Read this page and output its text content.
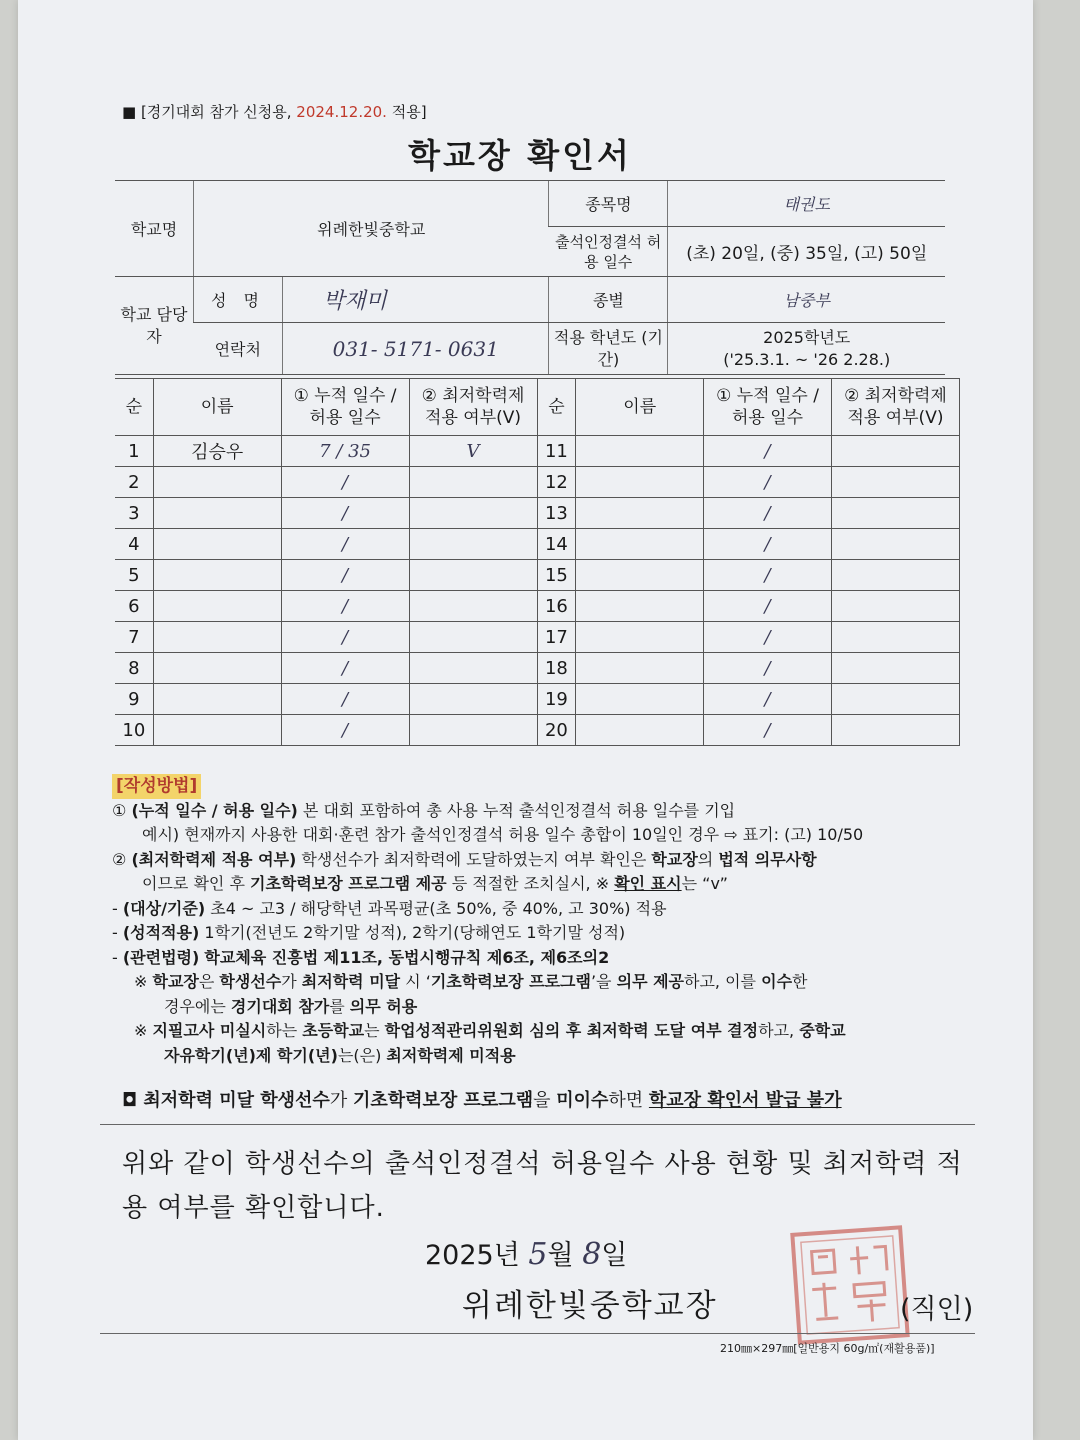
■ [경기대회 참가 신청용, 2024.12.20. 적용]
학교장 확인서
학교명	위례한빛중학교		종목명	태권도
			출석인정결석 허용 일수	(초) 20일, (중) 35일, (고) 50일
학교 담당자	성 명	박재미	종별	남중부
	연락처	031- 5171- 0631	적용 학년도 (기간)	2025학년도
('25.3.1. ~ '26 2.28.)
순	이름	① 누적 일수 / 허용 일수	② 최저학력제 적용 여부(V)	순	이름	① 누적 일수 / 허용 일수	② 최저학력제 적용 여부(V)
1	김승우	7 / 35	V	11		/	
2		/		12		/	
3		/		13		/	
4		/		14		/	
5		/		15		/	
6		/		16		/	
7		/		17		/	
8		/		18		/	
9		/		19		/	
10		/		20		/	
[작성방법]
① (누적 일수 / 허용 일수) 본 대회 포함하여 총 사용 누적 출석인정결석 허용 일수를 기입
예시) 현재까지 사용한 대회·훈련 참가 출석인정결석 허용 일수 총합이 10일인 경우 ⇨ 표기: (고) 10/50
② (최저학력제 적용 여부) 학생선수가 최저학력에 도달하였는지 여부 확인은 학교장의 법적 의무사항
이므로 확인 후 기초학력보장 프로그램 제공 등 적절한 조치실시, ※ 확인 표시는 “v”
- (대상/기준) 초4 ~ 고3 / 해당학년 과목평균(초 50%, 중 40%, 고 30%) 적용
- (성적적용) 1학기(전년도 2학기말 성적), 2학기(당해연도 1학기말 성적)
- (관련법령) 학교체육 진흥법 제11조, 동법시행규칙 제6조, 제6조의2
※ 학교장은 학생선수가 최저학력 미달 시 ‘기초학력보장 프로그램’을 의무 제공하고, 이를 이수한
경우에는 경기대회 참가를 의무 허용
※ 지필고사 미실시하는 초등학교는 학업성적관리위원회 심의 후 최저학력 도달 여부 결정하고, 중학교
자유학기(년)제 학기(년)는(은) 최저학력제 미적용
◘ 최저학력 미달 학생선수가 기초학력보장 프로그램을 미이수하면 학교장 확인서 발급 불가
위와 같이 학생선수의 출석인정결석 허용일수 사용 현황 및 최저학력 적용 여부를 확인합니다.
2025년 5월 8일
위례한빛중학교장	(직인)
210㎜×297㎜[일반용지 60g/㎡(재활용품)]
